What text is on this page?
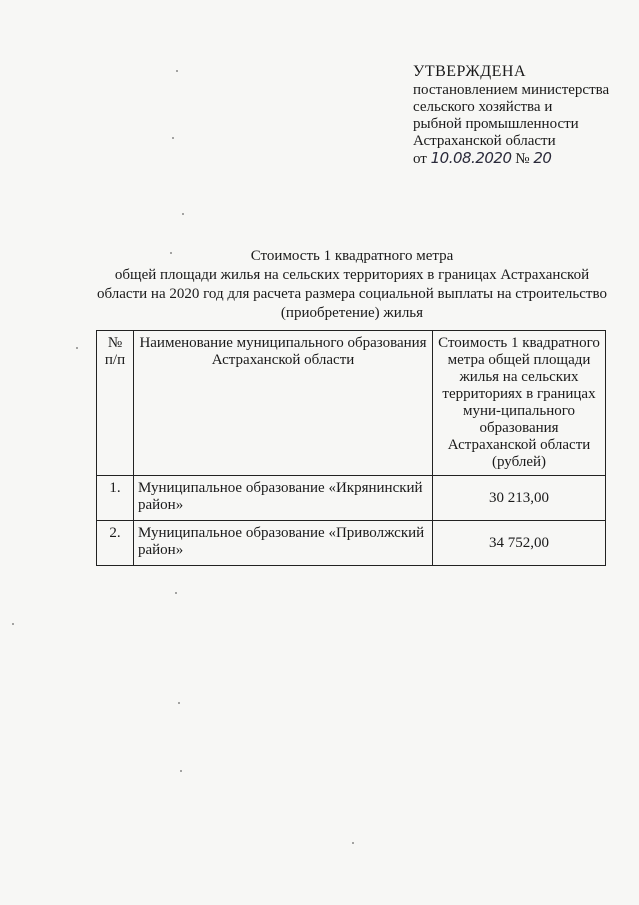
УТВЕРЖДЕНА
постановлением министерства
сельского хозяйства и
рыбной промышленности
Астраханской области
от 10.08.2020 № 20
Стоимость 1 квадратного метра
общей площади жилья на сельских территориях в границах Астраханской
области на 2020 год для расчета размера социальной выплаты на строительство
(приобретение) жилья
№ п/п	Наименование муниципального образования Астраханской области	Стоимость 1 квадратного метра общей площади жилья на сельских территориях в границах муни-ципального образования Астраханской области (рублей)
1.	Муниципальное образование «Икрянинский район»	30 213,00
2.	Муниципальное образование «Приволжский район»	34 752,00
